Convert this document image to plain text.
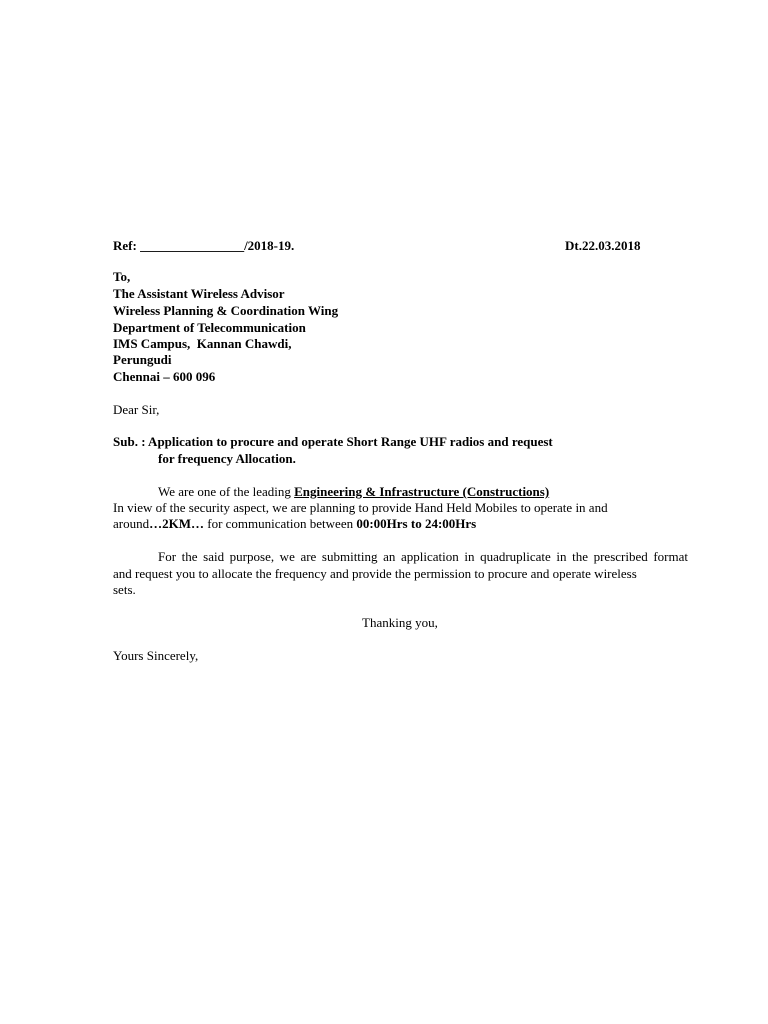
Ref: ________________/2018-19.	Dt.22.03.2018
To,
The Assistant Wireless Advisor
Wireless Planning & Coordination Wing
Department of Telecommunication
IMS Campus,  Kannan Chawdi,
Perungudi
Chennai – 600 096
Dear Sir,
Sub. : Application to procure and operate Short Range UHF radios and request
for frequency Allocation.
We are one of the leading Engineering & Infrastructure (Constructions)
In view of the security aspect, we are planning to provide Hand Held Mobiles to operate in and
around…2KM… for communication between 00:00Hrs to 24:00Hrs
For the said purpose, we are submitting an application in quadruplicate in the prescribed format
and request you to allocate the frequency and provide the permission to procure and operate wireless
sets.
Thanking you,
Yours Sincerely,
